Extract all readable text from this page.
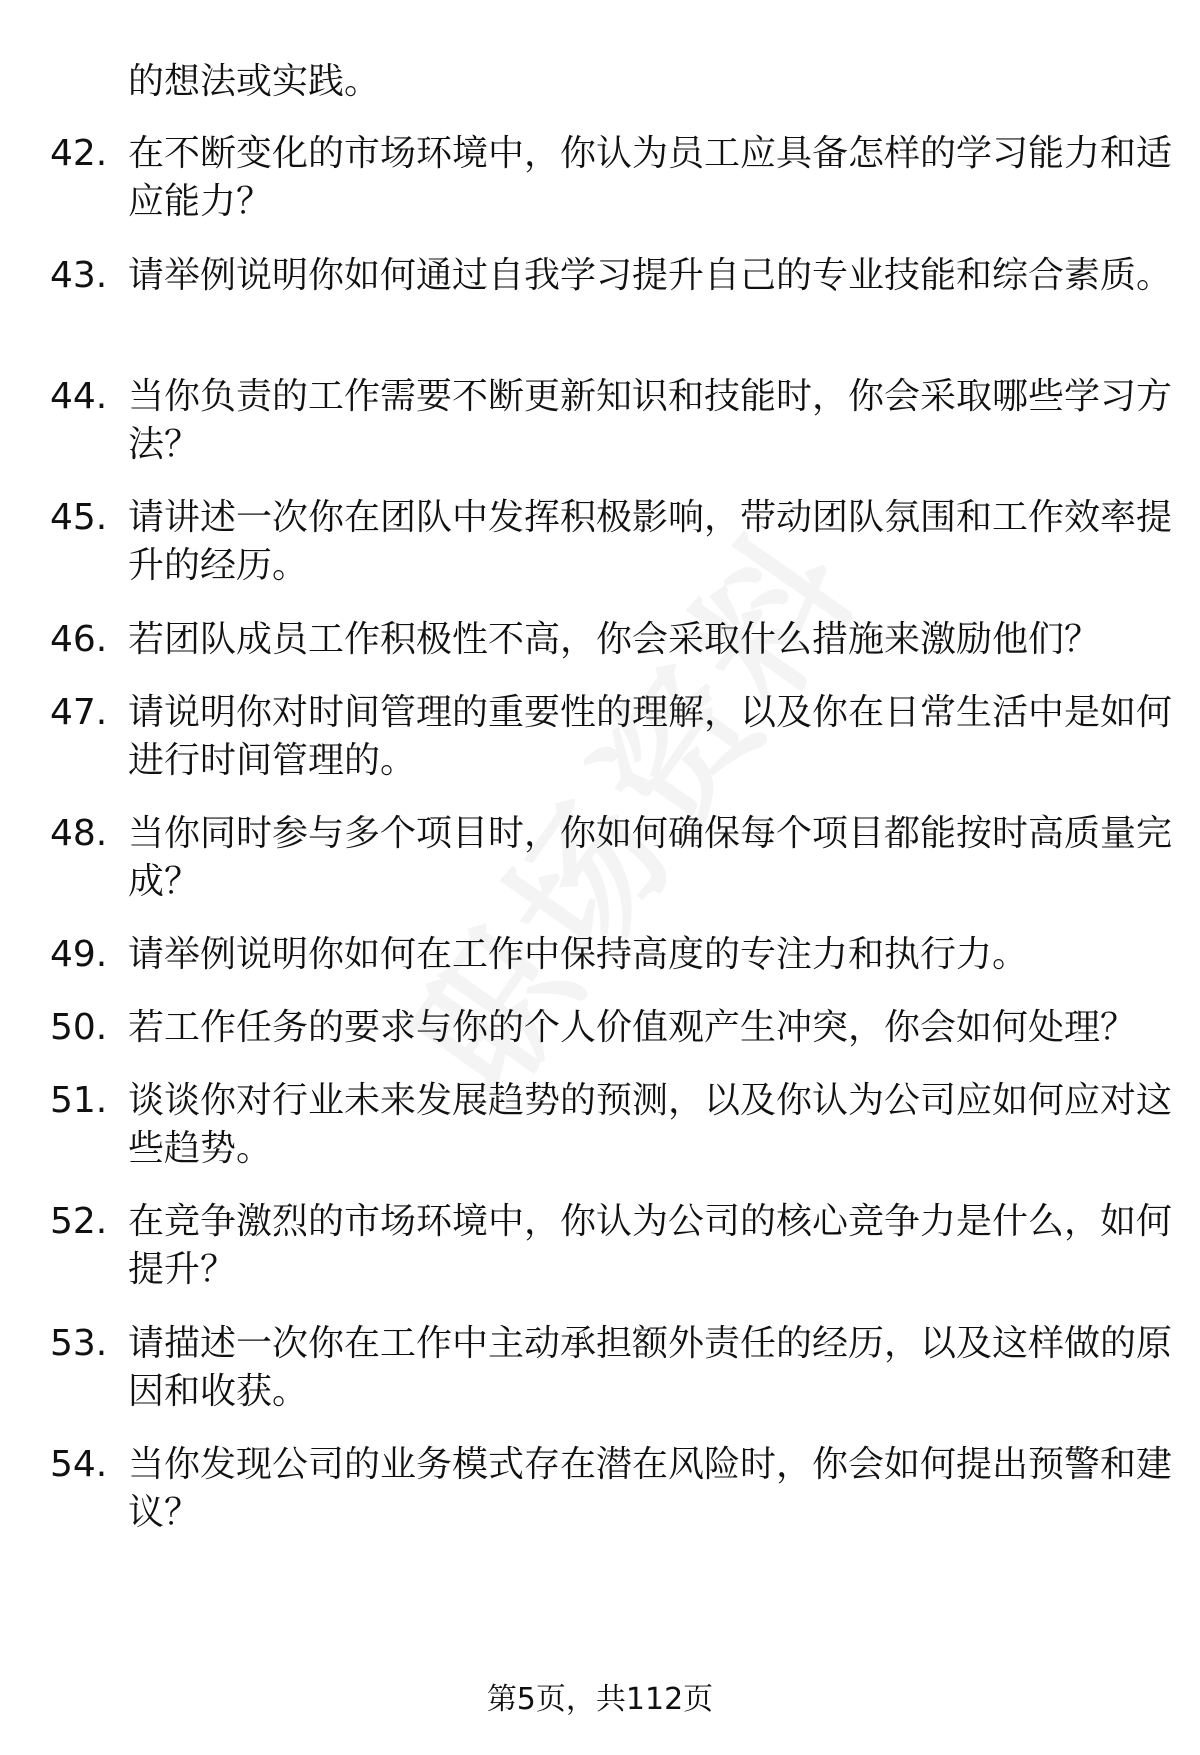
的想法或实践。
42. 在不断变化的市场环境中，你认为员工应具备怎样的学习能力和适应能力？
43. 请举例说明你如何通过自我学习提升自己的专业技能和综合素质。
44. 当你负责的工作需要不断更新知识和技能时，你会采取哪些学习方法？
45. 请讲述一次你在团队中发挥积极影响，带动团队氛围和工作效率提升的经历。
46. 若团队成员工作积极性不高，你会采取什么措施来激励他们？
47. 请说明你对时间管理的重要性的理解，以及你在日常生活中是如何进行时间管理的。
48. 当你同时参与多个项目时，你如何确保每个项目都能按时高质量完成？
49. 请举例说明你如何在工作中保持高度的专注力和执行力。
50. 若工作任务的要求与你的个人价值观产生冲突，你会如何处理？
51. 谈谈你对行业未来发展趋势的预测，以及你认为公司应如何应对这些趋势。
52. 在竞争激烈的市场环境中，你认为公司的核心竞争力是什么，如何提升？
53. 请描述一次你在工作中主动承担额外责任的经历，以及这样做的原因和收获。
54. 当你发现公司的业务模式存在潜在风险时，你会如何提出预警和建议？
第5页，共112页
